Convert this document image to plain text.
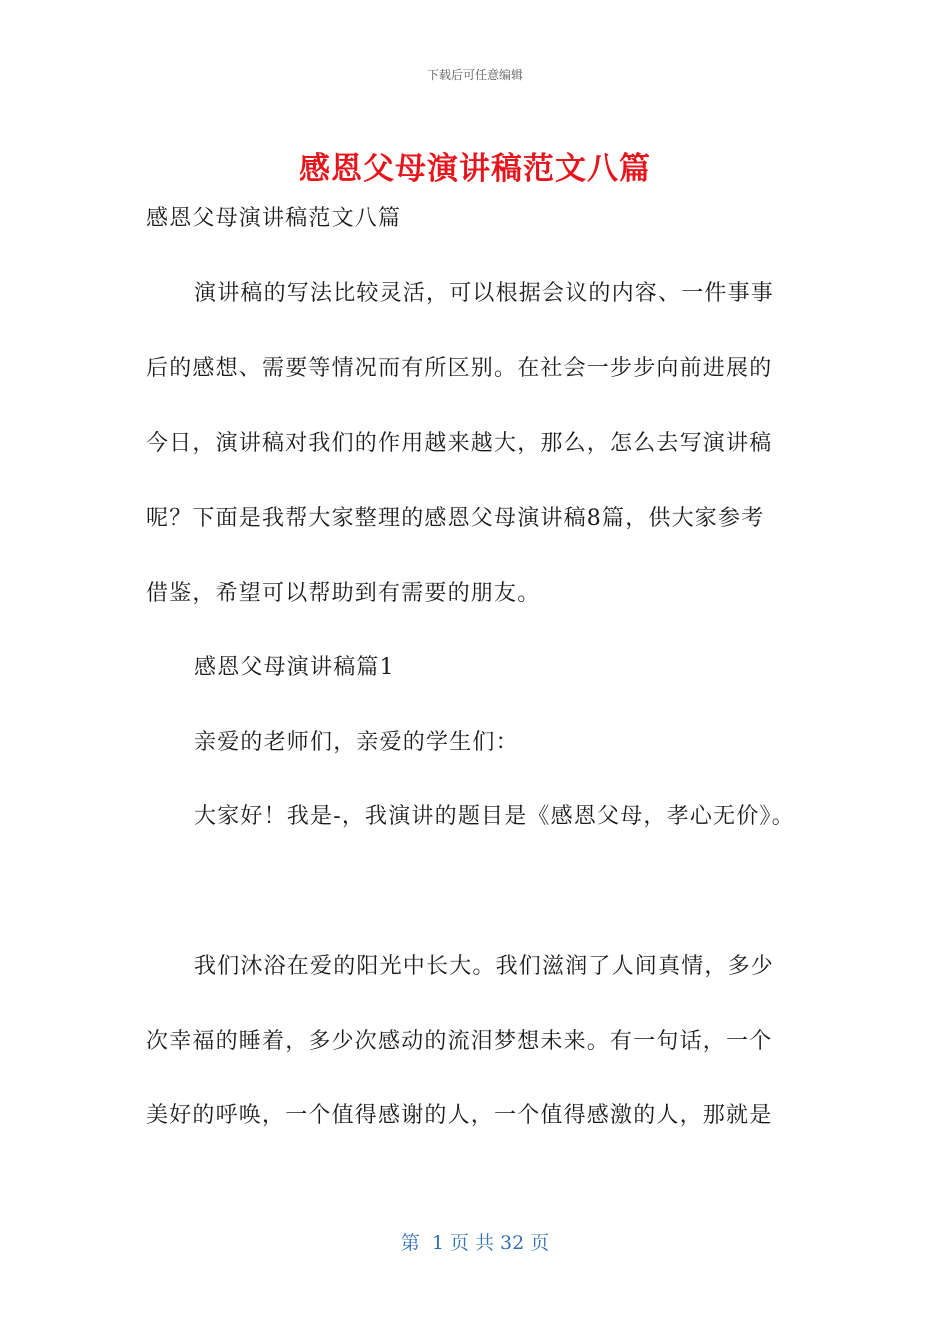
下载后可任意编辑
感恩父母演讲稿范文八篇
感恩父母演讲稿范文八篇
演讲稿的写法比较灵活，可以根据会议的内容、一件事事
后的感想、需要等情况而有所区别。在社会一步步向前进展的
今日，演讲稿对我们的作用越来越大，那么，怎么去写演讲稿
呢？下面是我帮大家整理的感恩父母演讲稿8篇，供大家参考
借鉴，希望可以帮助到有需要的朋友。
感恩父母演讲稿篇1
亲爱的老师们，亲爱的学生们：
大家好！我是-，我演讲的题目是《感恩父母，孝心无价》。
我们沐浴在爱的阳光中长大。我们滋润了人间真情，多少
次幸福的睡着，多少次感动的流泪梦想未来。有一句话，一个
美好的呼唤，一个值得感谢的人，一个值得感激的人，那就是
第  1 页 共 32 页
